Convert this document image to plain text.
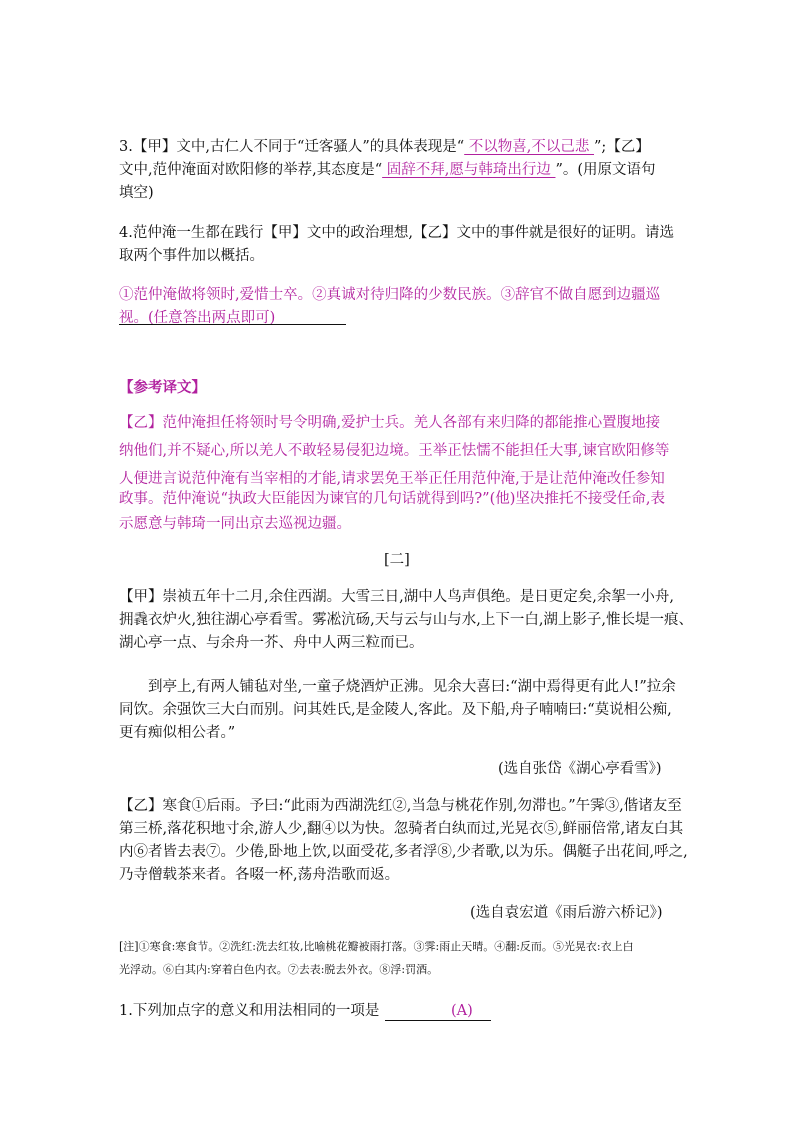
3.【甲】文中,古仁人不同于“迁客骚人”的具体表现是“ 不以物喜,不以己悲 ”;【乙】
文中,范仲淹面对欧阳修的举荐,其态度是“ 固辞不拜,愿与韩琦出行边 ”。(用原文语句
填空)
4.范仲淹一生都在践行【甲】文中的政治理想,【乙】文中的事件就是很好的证明。请选
取两个事件加以概括。
①范仲淹做将领时,爱惜士卒。②真诚对待归降的少数民族。③辞官不做自愿到边疆巡
视。(任意答出两点即可)
【参考译文】
【乙】范仲淹担任将领时号令明确,爱护士兵。羌人各部有来归降的都能推心置腹地接
纳他们,并不疑心,所以羌人不敢轻易侵犯边境。王举正怯懦不能担任大事,谏官欧阳修等
人便进言说范仲淹有当宰相的才能,请求罢免王举正任用范仲淹,于是让范仲淹改任参知
政事。范仲淹说“执政大臣能因为谏官的几句话就得到吗?”(他)坚决推托不接受任命,表
示愿意与韩琦一同出京去巡视边疆。
[二]
【甲】崇祯五年十二月,余住西湖。大雪三日,湖中人鸟声俱绝。是日更定矣,余挐一小舟,
拥毳衣炉火,独往湖心亭看雪。雾凇沆砀,天与云与山与水,上下一白,湖上影子,惟长堤一痕、
湖心亭一点、与余舟一芥、舟中人两三粒而已。
到亭上,有两人铺毡对坐,一童子烧酒炉正沸。见余大喜曰:“湖中焉得更有此人!”拉余
同饮。余强饮三大白而别。问其姓氏,是金陵人,客此。及下船,舟子喃喃曰:“莫说相公痴,
更有痴似相公者。”
(选自张岱《湖心亭看雪》)
【乙】寒食①后雨。予曰:“此雨为西湖洗红②,当急与桃花作别,勿滞也。”午霁③,偕诸友至
第三桥,落花积地寸余,游人少,翻④以为快。忽骑者白纨而过,光晃衣⑤,鲜丽倍常,诸友白其
内⑥者皆去表⑦。少倦,卧地上饮,以面受花,多者浮⑧,少者歌,以为乐。偶艇子出花间,呼之,
乃寺僧载茶来者。各啜一杯,荡舟浩歌而返。
(选自袁宏道《雨后游六桥记》)
[注]①寒食:寒食节。②洗红:洗去红妆,比喻桃花瓣被雨打落。③霁:雨止天晴。④翻:反而。⑤光晃衣:衣上白
光浮动。⑥白其内:穿着白色内衣。⑦去表:脱去外衣。⑧浮:罚酒。
1.下列加点字的意义和用法相同的一项是	(A)
